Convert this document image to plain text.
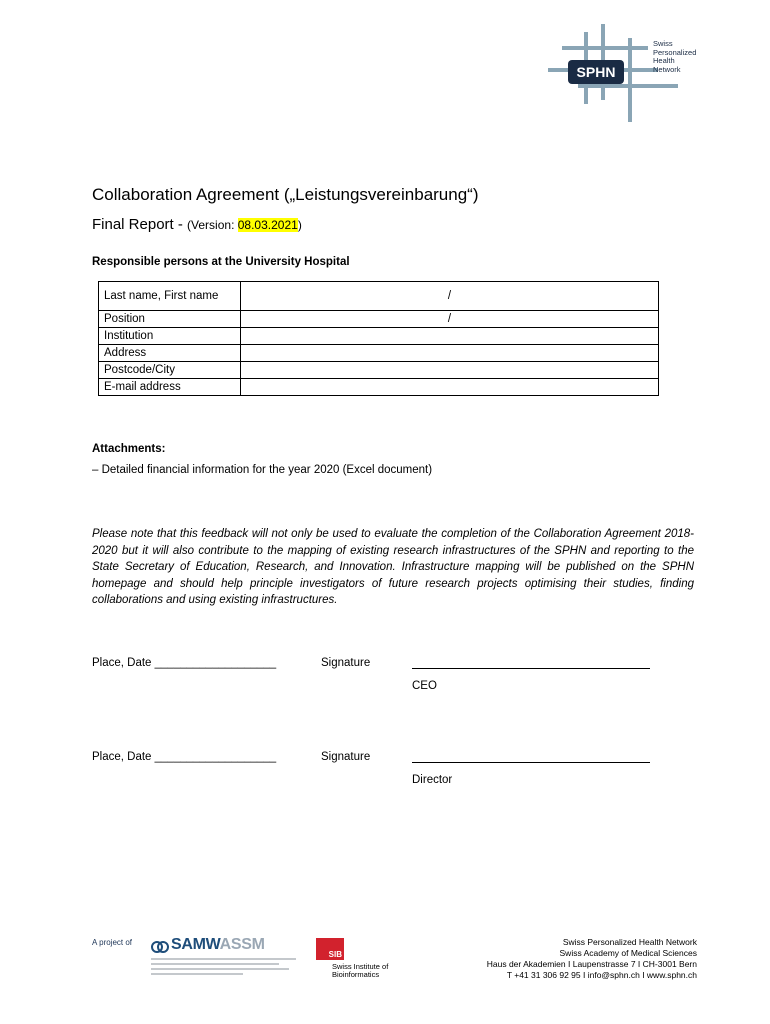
SPHN
Swiss
Personalized
Health
Network
Collaboration Agreement („Leistungsvereinbarung“)
Final Report - (Version: 08.03.2021)
Responsible persons at the University Hospital
Last name, First name	/
Position	/
Institution	
Address	
Postcode/City	
E-mail address	
Attachments:
– Detailed financial information for the year 2020 (Excel document)
Please note that this feedback will not only be used to evaluate the completion of the Collaboration Agreement 2018-2020 but it will also contribute to the mapping of existing research infrastructures of the SPHN and reporting to the State Secretary of Education, Research, and Innovation. Infrastructure mapping will be published on the SPHN homepage and should help principle investigators of future research projects optimising their studies, finding collaborations and using existing infrastructures.
Place, Date ___________________	Signature
CEO
Place, Date ___________________	Signature
Director
A project of SAMWASSM
SIB
Swiss Institute of
Bioinformatics
Swiss Personalized Health Network
Swiss Academy of Medical Sciences
Haus der Akademien I Laupenstrasse 7 I CH-3001 Bern
T +41 31 306 92 95 I info@sphn.ch I www.sphn.ch
